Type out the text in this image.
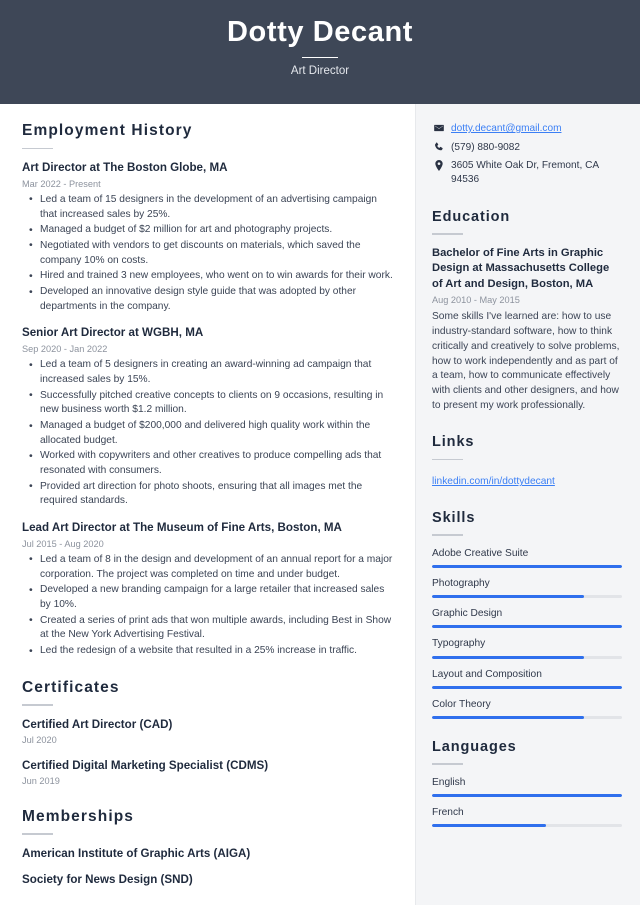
Dotty Decant

Art Director

Employment History
Art Director at The Boston Globe, MA

Mar 2022 - Present

• Led a team of 15 designers in the development of an advertising campaign that increased sales by 25%.
• Managed a budget of $2 million for art and photography projects.
• Negotiated with vendors to get discounts on materials, which saved the company 10% on costs.
• Hired and trained 3 new employees, who went on to win awards for their work.
• Developed an innovative design style guide that was adopted by other departments in the company.
Senior Art Director at WGBH, MA

Sep 2020 - Jan 2022

• Led a team of 5 designers in creating an award-winning ad campaign that increased sales by 15%.
• Successfully pitched creative concepts to clients on 9 occasions, resulting in new business worth $1.2 million.
• Managed a budget of $200,000 and delivered high quality work within the allocated budget.
• Worked with copywriters and other creatives to produce compelling ads that resonated with consumers.
• Provided art direction for photo shoots, ensuring that all images met the required standards.
Lead Art Director at The Museum of Fine Arts, Boston, MA

Jul 2015 - Aug 2020

• Led a team of 8 in the design and development of an annual report for a major corporation. The project was completed on time and under budget.
• Developed a new branding campaign for a large retailer that increased sales by 10%.
• Created a series of print ads that won multiple awards, including Best in Show at the New York Advertising Festival.
• Led the redesign of a website that resulted in a 25% increase in traffic.
Certificates
Certified Art Director (CAD)

Jul 2020

Certified Digital Marketing Specialist (CDMS)

Jun 2019

Memberships
American Institute of Graphic Arts (AIGA)
Society for News Design (SND)
dotty.decant@gmail.com
(579) 880-9082
3605 White Oak Dr, Fremont, CA 94536
Education
Bachelor of Fine Arts in Graphic Design at Massachusetts College of Art and Design, Boston, MA

Aug 2010 - May 2015

Some skills I've learned are: how to use industry-standard software, how to think critically and creatively to solve problems, how to work independently and as part of a team, how to communicate effectively with clients and other designers, and how to present my work professionally.

Links
linkedin.com/in/dottydecant
Skills

Adobe Creative Suite

Photography

Graphic Design

Typography

Layout and Composition

Color Theory

Languages

English

French
